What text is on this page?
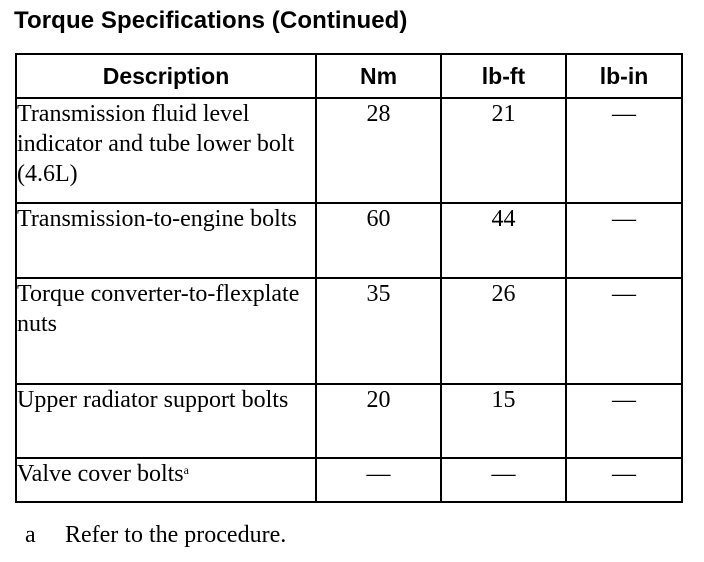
Torque Specifications (Continued)
Description	Nm	lb-ft	lb-in
Transmission fluid level indicator and tube lower bolt (4.6L)	28	21	—
Transmission-to-engine bolts	60	44	—
Torque converter-to-flexplate nuts	35	26	—
Upper radiator support bolts	20	15	—
Valve cover bolts$^a$	—	—	—
a Refer to the procedure.
